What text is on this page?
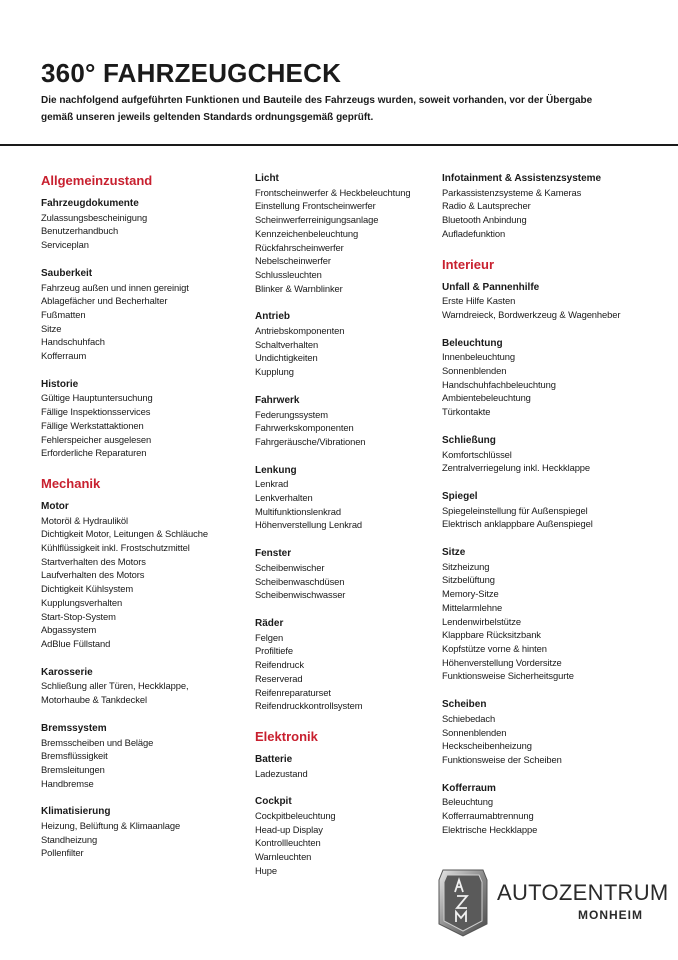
360° FAHRZEUGCHECK
Die nachfolgend aufgeführten Funktionen und Bauteile des Fahrzeugs wurden, soweit vorhanden, vor der Übergabe
gemäß unseren jeweils geltenden Standards ordnungsgemäß geprüft.
Allgemeinzustand
Fahrzeugdokumente
Zulassungsbescheinigung
Benutzerhandbuch
Serviceplan
Sauberkeit
Fahrzeug außen und innen gereinigt
Ablagefächer und Becherhalter
Fußmatten
Sitze
Handschuhfach
Kofferraum
Historie
Gültige Hauptuntersuchung
Fällige Inspektionsservices
Fällige Werkstattaktionen
Fehlerspeicher ausgelesen
Erforderliche Reparaturen
Mechanik
Motor
Motoröl & Hydrauliköl
Dichtigkeit Motor, Leitungen & Schläuche
Kühlflüssigkeit inkl. Frostschutzmittel
Startverhalten des Motors
Laufverhalten des Motors
Dichtigkeit Kühlsystem
Kupplungsverhalten
Start-Stop-System
Abgassystem
AdBlue Füllstand
Karosserie
Schließung aller Türen, Heckklappe,
Motorhaube & Tankdeckel
Bremssystem
Bremsscheiben und Beläge
Bremsflüssigkeit
Bremsleitungen
Handbremse
Klimatisierung
Heizung, Belüftung & Klimaanlage
Standheizung
Pollenfilter
Licht
Frontscheinwerfer & Heckbeleuchtung
Einstellung Frontscheinwerfer
Scheinwerferreinigungsanlage
Kennzeichenbeleuchtung
Rückfahrscheinwerfer
Nebelscheinwerfer
Schlussleuchten
Blinker & Warnblinker
Antrieb
Antriebskomponenten
Schaltverhalten
Undichtigkeiten
Kupplung
Fahrwerk
Federungssystem
Fahrwerkskomponenten
Fahrgeräusche/Vibrationen
Lenkung
Lenkrad
Lenkverhalten
Multifunktionslenkrad
Höhenverstellung Lenkrad
Fenster
Scheibenwischer
Scheibenwaschdüsen
Scheibenwischwasser
Räder
Felgen
Profiltiefe
Reifendruck
Reserverad
Reifenreparaturset
Reifendruckkontrollsystem
Elektronik
Batterie
Ladezustand
Cockpit
Cockpitbeleuchtung
Head-up Display
Kontrollleuchten
Warnleuchten
Hupe
Infotainment & Assistenzsysteme
Parkassistenzsysteme & Kameras
Radio & Lautsprecher
Bluetooth Anbindung
Aufladefunktion
Interieur
Unfall & Pannenhilfe
Erste Hilfe Kasten
Warndreieck, Bordwerkzeug & Wagenheber
Beleuchtung
Innenbeleuchtung
Sonnenblenden
Handschuhfachbeleuchtung
Ambientebeleuchtung
Türkontakte
Schließung
Komfortschlüssel
Zentralverriegelung inkl. Heckklappe
Spiegel
Spiegeleinstellung für Außenspiegel
Elektrisch anklappbare Außenspiegel
Sitze
Sitzheizung
Sitzbelüftung
Memory-Sitze
Mittelarmlehne
Lendenwirbelstütze
Klappbare Rücksitzbank
Kopfstütze vorne & hinten
Höhenverstellung Vordersitze
Funktionsweise Sicherheitsgurte
Scheiben
Schiebedach
Sonnenblenden
Heckscheibenheizung
Funktionsweise der Scheiben
Kofferraum
Beleuchtung
Kofferraumabtrennung
Elektrische Heckklappe
AUTOZENTRUM
MONHEIM
